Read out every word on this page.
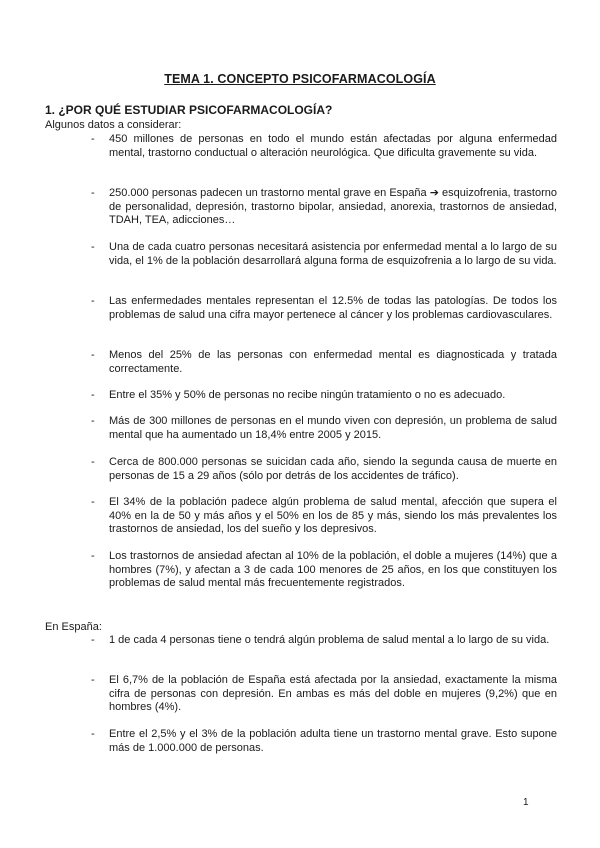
TEMA 1. CONCEPTO PSICOFARMACOLOGÍA
1. ¿POR QUÉ ESTUDIAR PSICOFARMACOLOGÍA?
Algunos datos a considerar:
- 450 millones de personas en todo el mundo están afectadas por alguna enfermedad mental, trastorno conductual o alteración neurológica. Que dificulta gravemente su vida.
- 250.000 personas padecen un trastorno mental grave en España ➔ esquizofrenia, trastorno de personalidad, depresión, trastorno bipolar, ansiedad, anorexia, trastornos de ansiedad, TDAH, TEA, adicciones…
- Una de cada cuatro personas necesitará asistencia por enfermedad mental a lo largo de su vida, el 1% de la población desarrollará alguna forma de esquizofrenia a lo largo de su vida.
- Las enfermedades mentales representan el 12.5% de todas las patologías. De todos los problemas de salud una cifra mayor pertenece al cáncer y los problemas cardiovasculares.
- Menos del 25% de las personas con enfermedad mental es diagnosticada y tratada correctamente.
- Entre el 35% y 50% de personas no recibe ningún tratamiento o no es adecuado.
- Más de 300 millones de personas en el mundo viven con depresión, un problema de salud mental que ha aumentado un 18,4% entre 2005 y 2015.
- Cerca de 800.000 personas se suicidan cada año, siendo la segunda causa de muerte en personas de 15 a 29 años (sólo por detrás de los accidentes de tráfico).
- El 34% de la población padece algún problema de salud mental, afección que supera el 40% en la de 50 y más años y el 50% en los de 85 y más, siendo los más prevalentes los trastornos de ansiedad, los del sueño y los depresivos.
- Los trastornos de ansiedad afectan al 10% de la población, el doble a mujeres (14%) que a hombres (7%), y afectan a 3 de cada 100 menores de 25 años, en los que constituyen los problemas de salud mental más frecuentemente registrados.
En España:
- 1 de cada 4 personas tiene o tendrá algún problema de salud mental a lo largo de su vida.
- El 6,7% de la población de España está afectada por la ansiedad, exactamente la misma cifra de personas con depresión. En ambas es más del doble en mujeres (9,2%) que en hombres (4%).
- Entre el 2,5% y el 3% de la población adulta tiene un trastorno mental grave. Esto supone más de 1.000.000 de personas.
1
